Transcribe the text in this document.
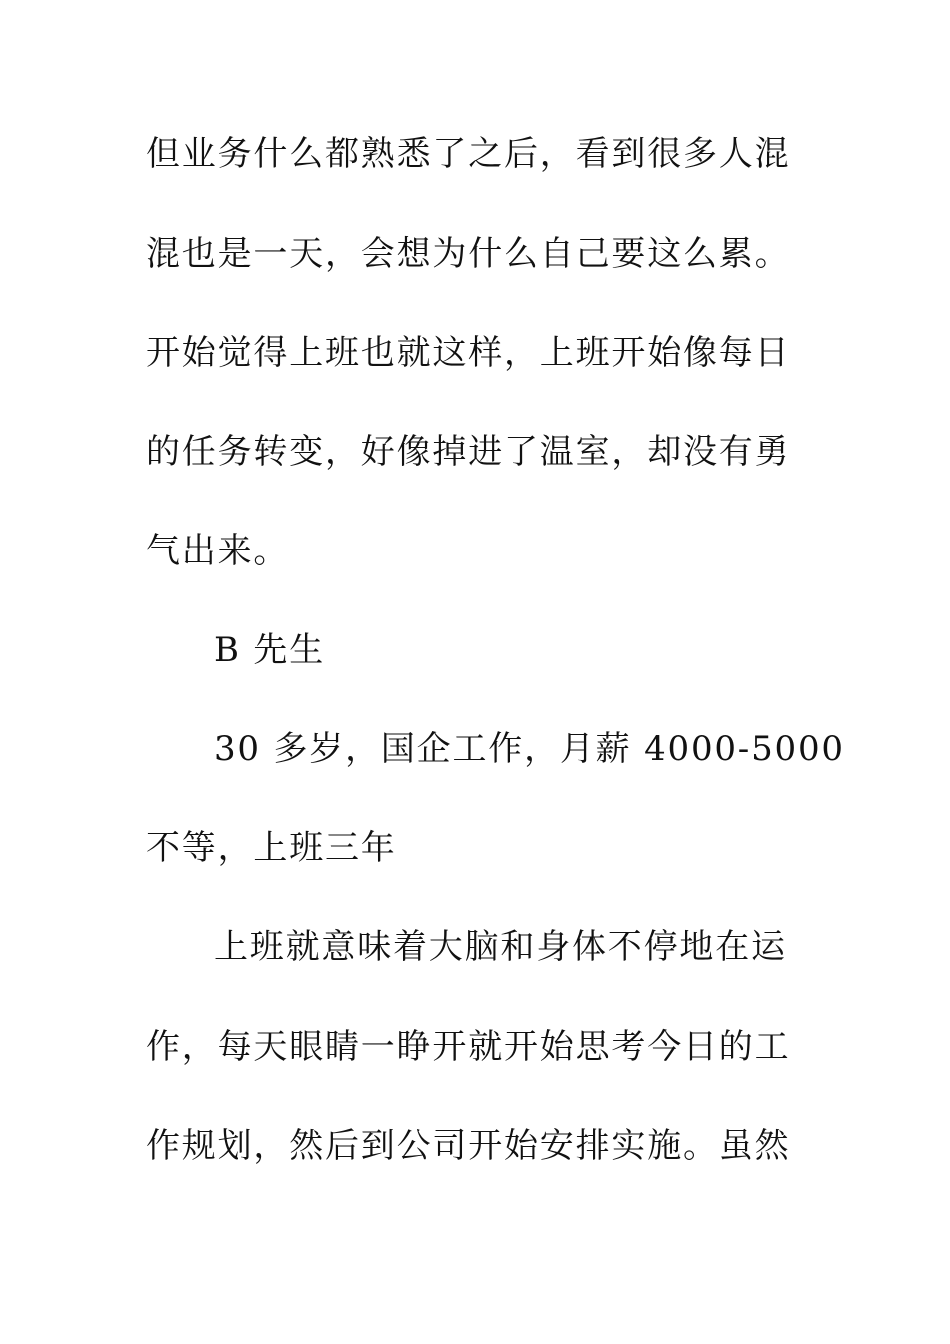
但业务什么都熟悉了之后，看到很多人混
混也是一天，会想为什么自己要这么累。
开始觉得上班也就这样，上班开始像每日
的任务转变，好像掉进了温室，却没有勇
气出来。
B 先生
30 多岁，国企工作，月薪 4000-5000
不等，上班三年
上班就意味着大脑和身体不停地在运
作，每天眼睛一睁开就开始思考今日的工
作规划，然后到公司开始安排实施。虽然
